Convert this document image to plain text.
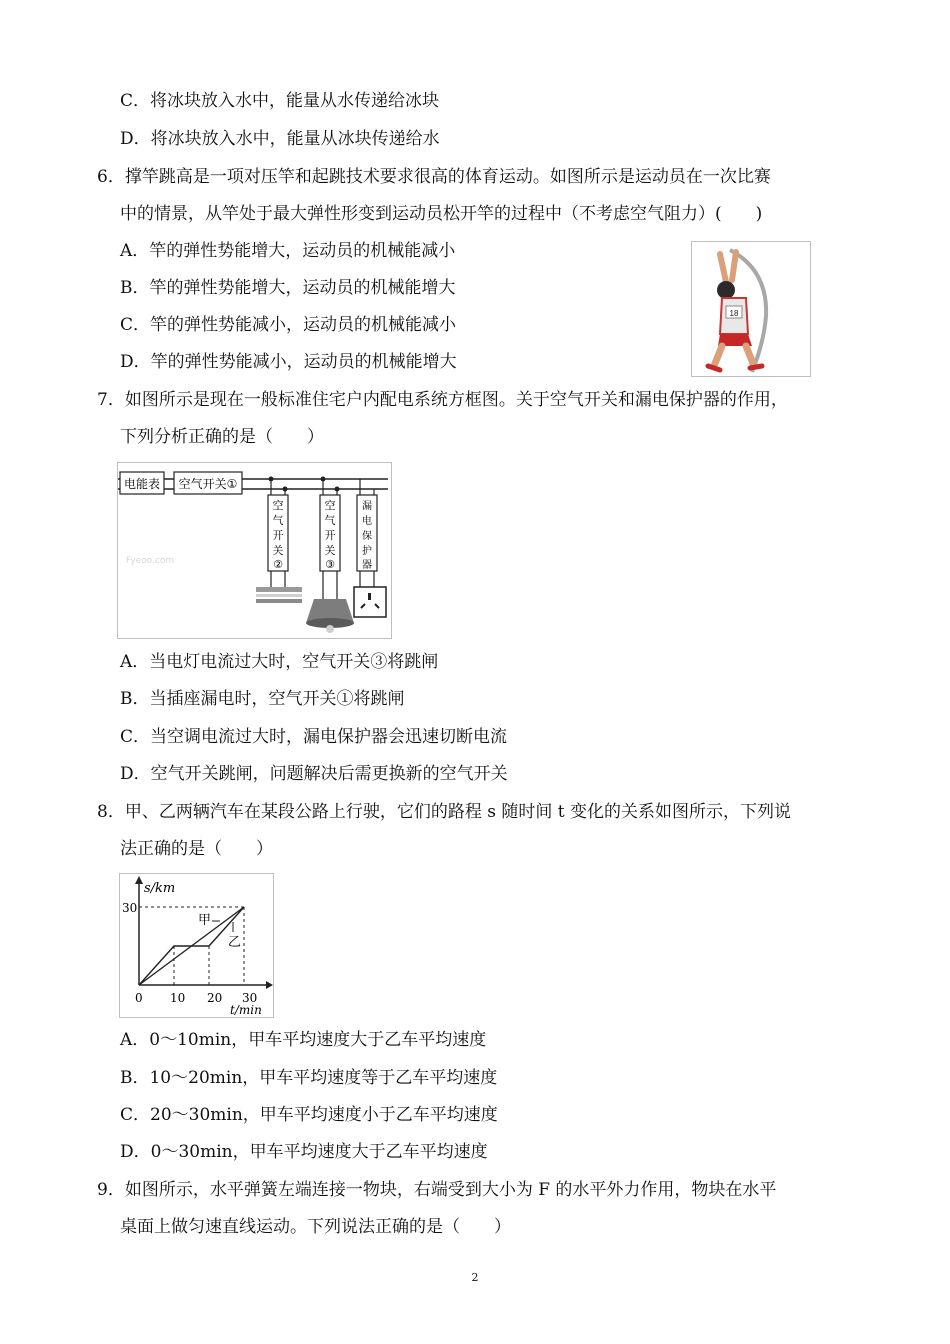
C．将冰块放入水中，能量从水传递给冰块
D．将冰块放入水中，能量从冰块传递给水
6．撑竿跳高是一项对压竿和起跳技术要求很高的体育运动。如图所示是运动员在一次比赛
中的情景，从竿处于最大弹性形变到运动员松开竿的过程中（不考虑空气阻力）(　　)
A．竿的弹性势能增大，运动员的机械能减小
B．竿的弹性势能增大，运动员的机械能增大
C．竿的弹性势能减小，运动员的机械能减小
D．竿的弹性势能减小，运动员的机械能增大
18
7．如图所示是现在一般标准住宅户内配电系统方框图。关于空气开关和漏电保护器的作用，
下列分析正确的是（　　）
电能表 空气开关①
空
气
开
关
②
空
气
开
关
③
漏
电
保
护
器
Fyeoo.com
A．当电灯电流过大时，空气开关③将跳闸
B．当插座漏电时，空气开关①将跳闸
C．当空调电流过大时，漏电保护器会迅速切断电流
D．空气开关跳闸，问题解决后需更换新的空气开关
8．甲、乙两辆汽车在某段公路上行驶，它们的路程 s 随时间 t 变化的关系如图所示，下列说
法正确的是（　　）
s/km
t/min
30
0 10 20 30
甲
乙
A．0～10min，甲车平均速度大于乙车平均速度
B．10～20min，甲车平均速度等于乙车平均速度
C．20～30min，甲车平均速度小于乙车平均速度
D．0～30min，甲车平均速度大于乙车平均速度
9．如图所示，水平弹簧左端连接一物块，右端受到大小为 F 的水平外力作用，物块在水平
桌面上做匀速直线运动。下列说法正确的是（　　）
2
